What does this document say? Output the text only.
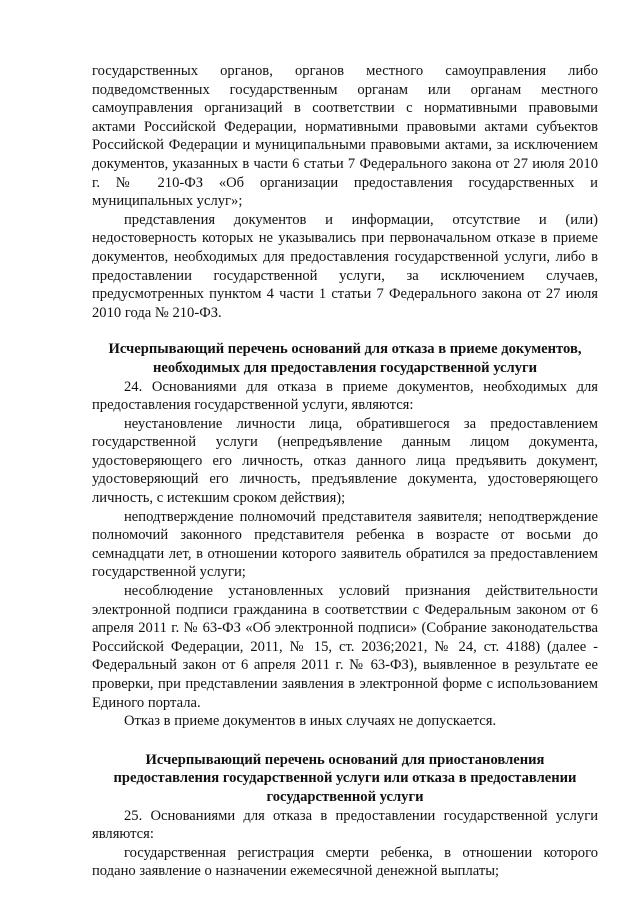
государственных органов, органов местного самоуправления либо подведомственных государственным органам или органам местного самоуправления организаций в соответствии с нормативными правовыми актами Российской Федерации, нормативными правовыми актами субъектов Российской Федерации и муниципальными правовыми актами, за исключением документов, указанных в части 6 статьи 7 Федерального закона от 27 июля 2010 г. № 210-ФЗ «Об организации предоставления государственных и муниципальных услуг»;

представления документов и информации, отсутствие и (или) недостоверность которых не указывались при первоначальном отказе в приеме документов, необходимых для предоставления государственной услуги, либо в предоставлении государственной услуги, за исключением случаев, предусмотренных пунктом 4 части 1 статьи 7 Федерального закона от 27 июля 2010 года № 210-ФЗ.

Исчерпывающий перечень оснований для отказа в приеме документов, необходимых для предоставления государственной услуги

24. Основаниями для отказа в приеме документов, необходимых для предоставления государственной услуги, являются:

неустановление личности лица, обратившегося за предоставлением государственной услуги (непредъявление данным лицом документа, удостоверяющего его личность, отказ данного лица предъявить документ, удостоверяющий его личность, предъявление документа, удостоверяющего личность, с истекшим сроком действия);

неподтверждение полномочий представителя заявителя; неподтверждение полномочий законного представителя ребенка в возрасте от восьми до семнадцати лет, в отношении которого заявитель обратился за предоставлением государственной услуги;

несоблюдение установленных условий признания действительности электронной подписи гражданина в соответствии с Федеральным законом от 6 апреля 2011 г. № 63-ФЗ «Об электронной подписи» (Собрание законодательства Российской Федерации, 2011, № 15, ст. 2036;2021, № 24, ст. 4188) (далее - Федеральный закон от 6 апреля 2011 г. № 63-ФЗ), выявленное в результате ее проверки, при представлении заявления в электронной форме с использованием Единого портала.

Отказ в приеме документов в иных случаях не допускается.

Исчерпывающий перечень оснований для приостановления предоставления государственной услуги или отказа в предоставлении государственной услуги

25. Основаниями для отказа в предоставлении государственной услуги являются:

государственная регистрация смерти ребенка, в отношении которого подано заявление о назначении ежемесячной денежной выплаты;
